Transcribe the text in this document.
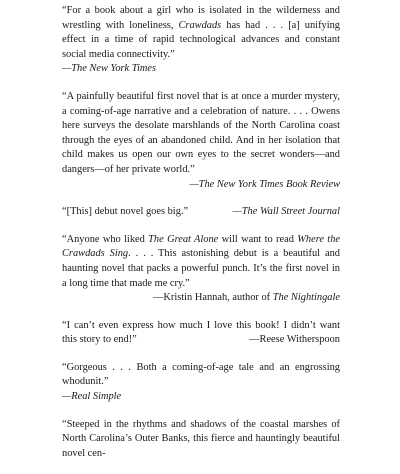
“For a book about a girl who is isolated in the wilderness and wrestling with loneliness, Crawdads has had . . . [a] unifying effect in a time of rapid technological advances and constant social media connectivity.”

—The New York Times

“A painfully beautiful first novel that is at once a murder mystery, a coming-of-age narrative and a celebration of nature. . . . Owens here surveys the desolate marshlands of the North Carolina coast through the eyes of an abandoned child. And in her isolation that child makes us open our own eyes to the secret wonders—and dangers—of her private world.”
—The New York Times Book Review

“[This] debut novel goes big.”	—The Wall Street Journal

“Anyone who liked The Great Alone will want to read Where the Crawdads Sing. . . . This astonishing debut is a beautiful and haunting novel that packs a powerful punch. It’s the first novel in a long time that made me cry.”
—Kristin Hannah, author of The Nightingale

“I can’t even express how much I love this book! I didn’t want this story to end!”	—Reese Witherspoon

“Gorgeous . . . Both a coming-of-age tale and an engrossing whodunit.”

—Real Simple

“Steeped in the rhythms and shadows of the coastal marshes of North Carolina’s Outer Banks, this fierce and hauntingly beautiful novel cen-
